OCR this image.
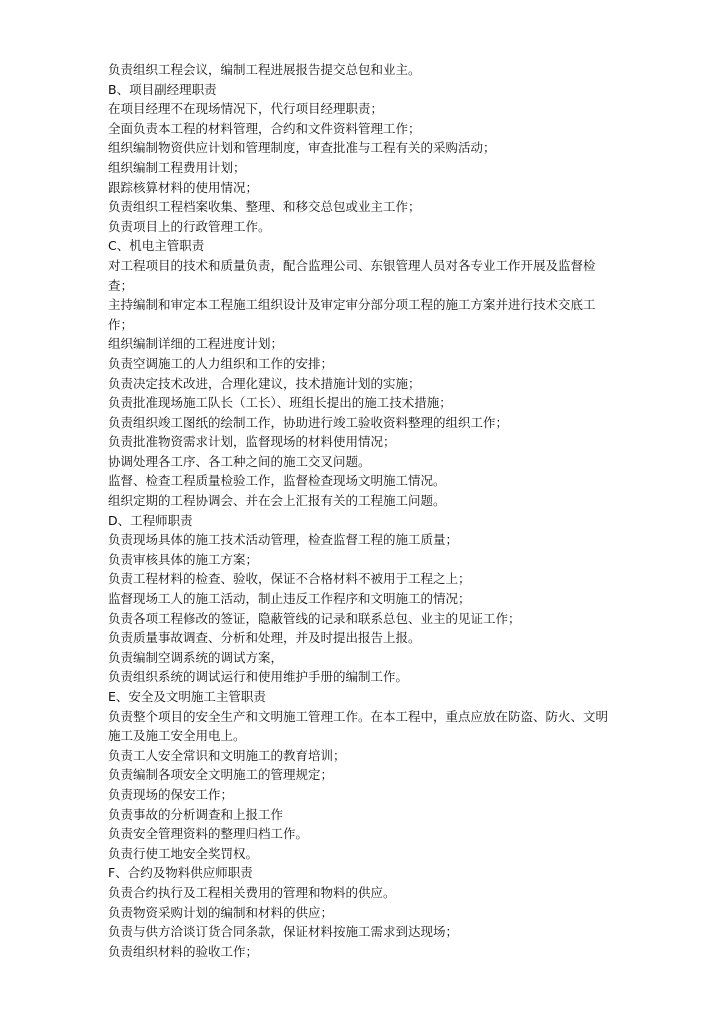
负责组织工程会议，编制工程进展报告提交总包和业主。

B、项目副经理职责

在项目经理不在现场情况下，代行项目经理职责；

全面负责本工程的材料管理，合约和文件资料管理工作；

组织编制物资供应计划和管理制度，审查批准与工程有关的采购活动；

组织编制工程费用计划；

跟踪核算材料的使用情况；

负责组织工程档案收集、整理、和移交总包或业主工作；

负责项目上的行政管理工作。

C、机电主管职责

对工程项目的技术和质量负责，配合监理公司、东银管理人员对各专业工作开展及监督检查；

主持编制和审定本工程施工组织设计及审定审分部分项工程的施工方案并进行技术交底工作；

组织编制详细的工程进度计划；

负责空调施工的人力组织和工作的安排；

负责决定技术改进，合理化建议，技术措施计划的实施；

负责批准现场施工队长（工长）、班组长提出的施工技术措施；

负责组织竣工图纸的绘制工作，协助进行竣工验收资料整理的组织工作；

负责批准物资需求计划，监督现场的材料使用情况；

协调处理各工序、各工种之间的施工交叉问题。

监督、检查工程质量检验工作，监督检查现场文明施工情况。

组织定期的工程协调会、并在会上汇报有关的工程施工问题。

D、工程师职责

负责现场具体的施工技术活动管理，检查监督工程的施工质量；

负责审核具体的施工方案；

负责工程材料的检查、验收，保证不合格材料不被用于工程之上；

监督现场工人的施工活动，制止违反工作程序和文明施工的情况；

负责各项工程修改的签证，隐蔽管线的记录和联系总包、业主的见证工作；

负责质量事故调查、分析和处理，并及时提出报告上报。

负责编制空调系统的调试方案，

负责组织系统的调试运行和使用维护手册的编制工作。

E、安全及文明施工主管职责

负责整个项目的安全生产和文明施工管理工作。在本工程中，重点应放在防盗、防火、文明施工及施工安全用电上。

负责工人安全常识和文明施工的教育培训；

负责编制各项安全文明施工的管理规定；

负责现场的保安工作；

负责事故的分析调查和上报工作

负责安全管理资料的整理归档工作。

负责行使工地安全奖罚权。

F、合约及物料供应师职责

负责合约执行及工程相关费用的管理和物料的供应。

负责物资采购计划的编制和材料的供应；

负责与供方洽谈订货合同条款，保证材料按施工需求到达现场；

负责组织材料的验收工作；
